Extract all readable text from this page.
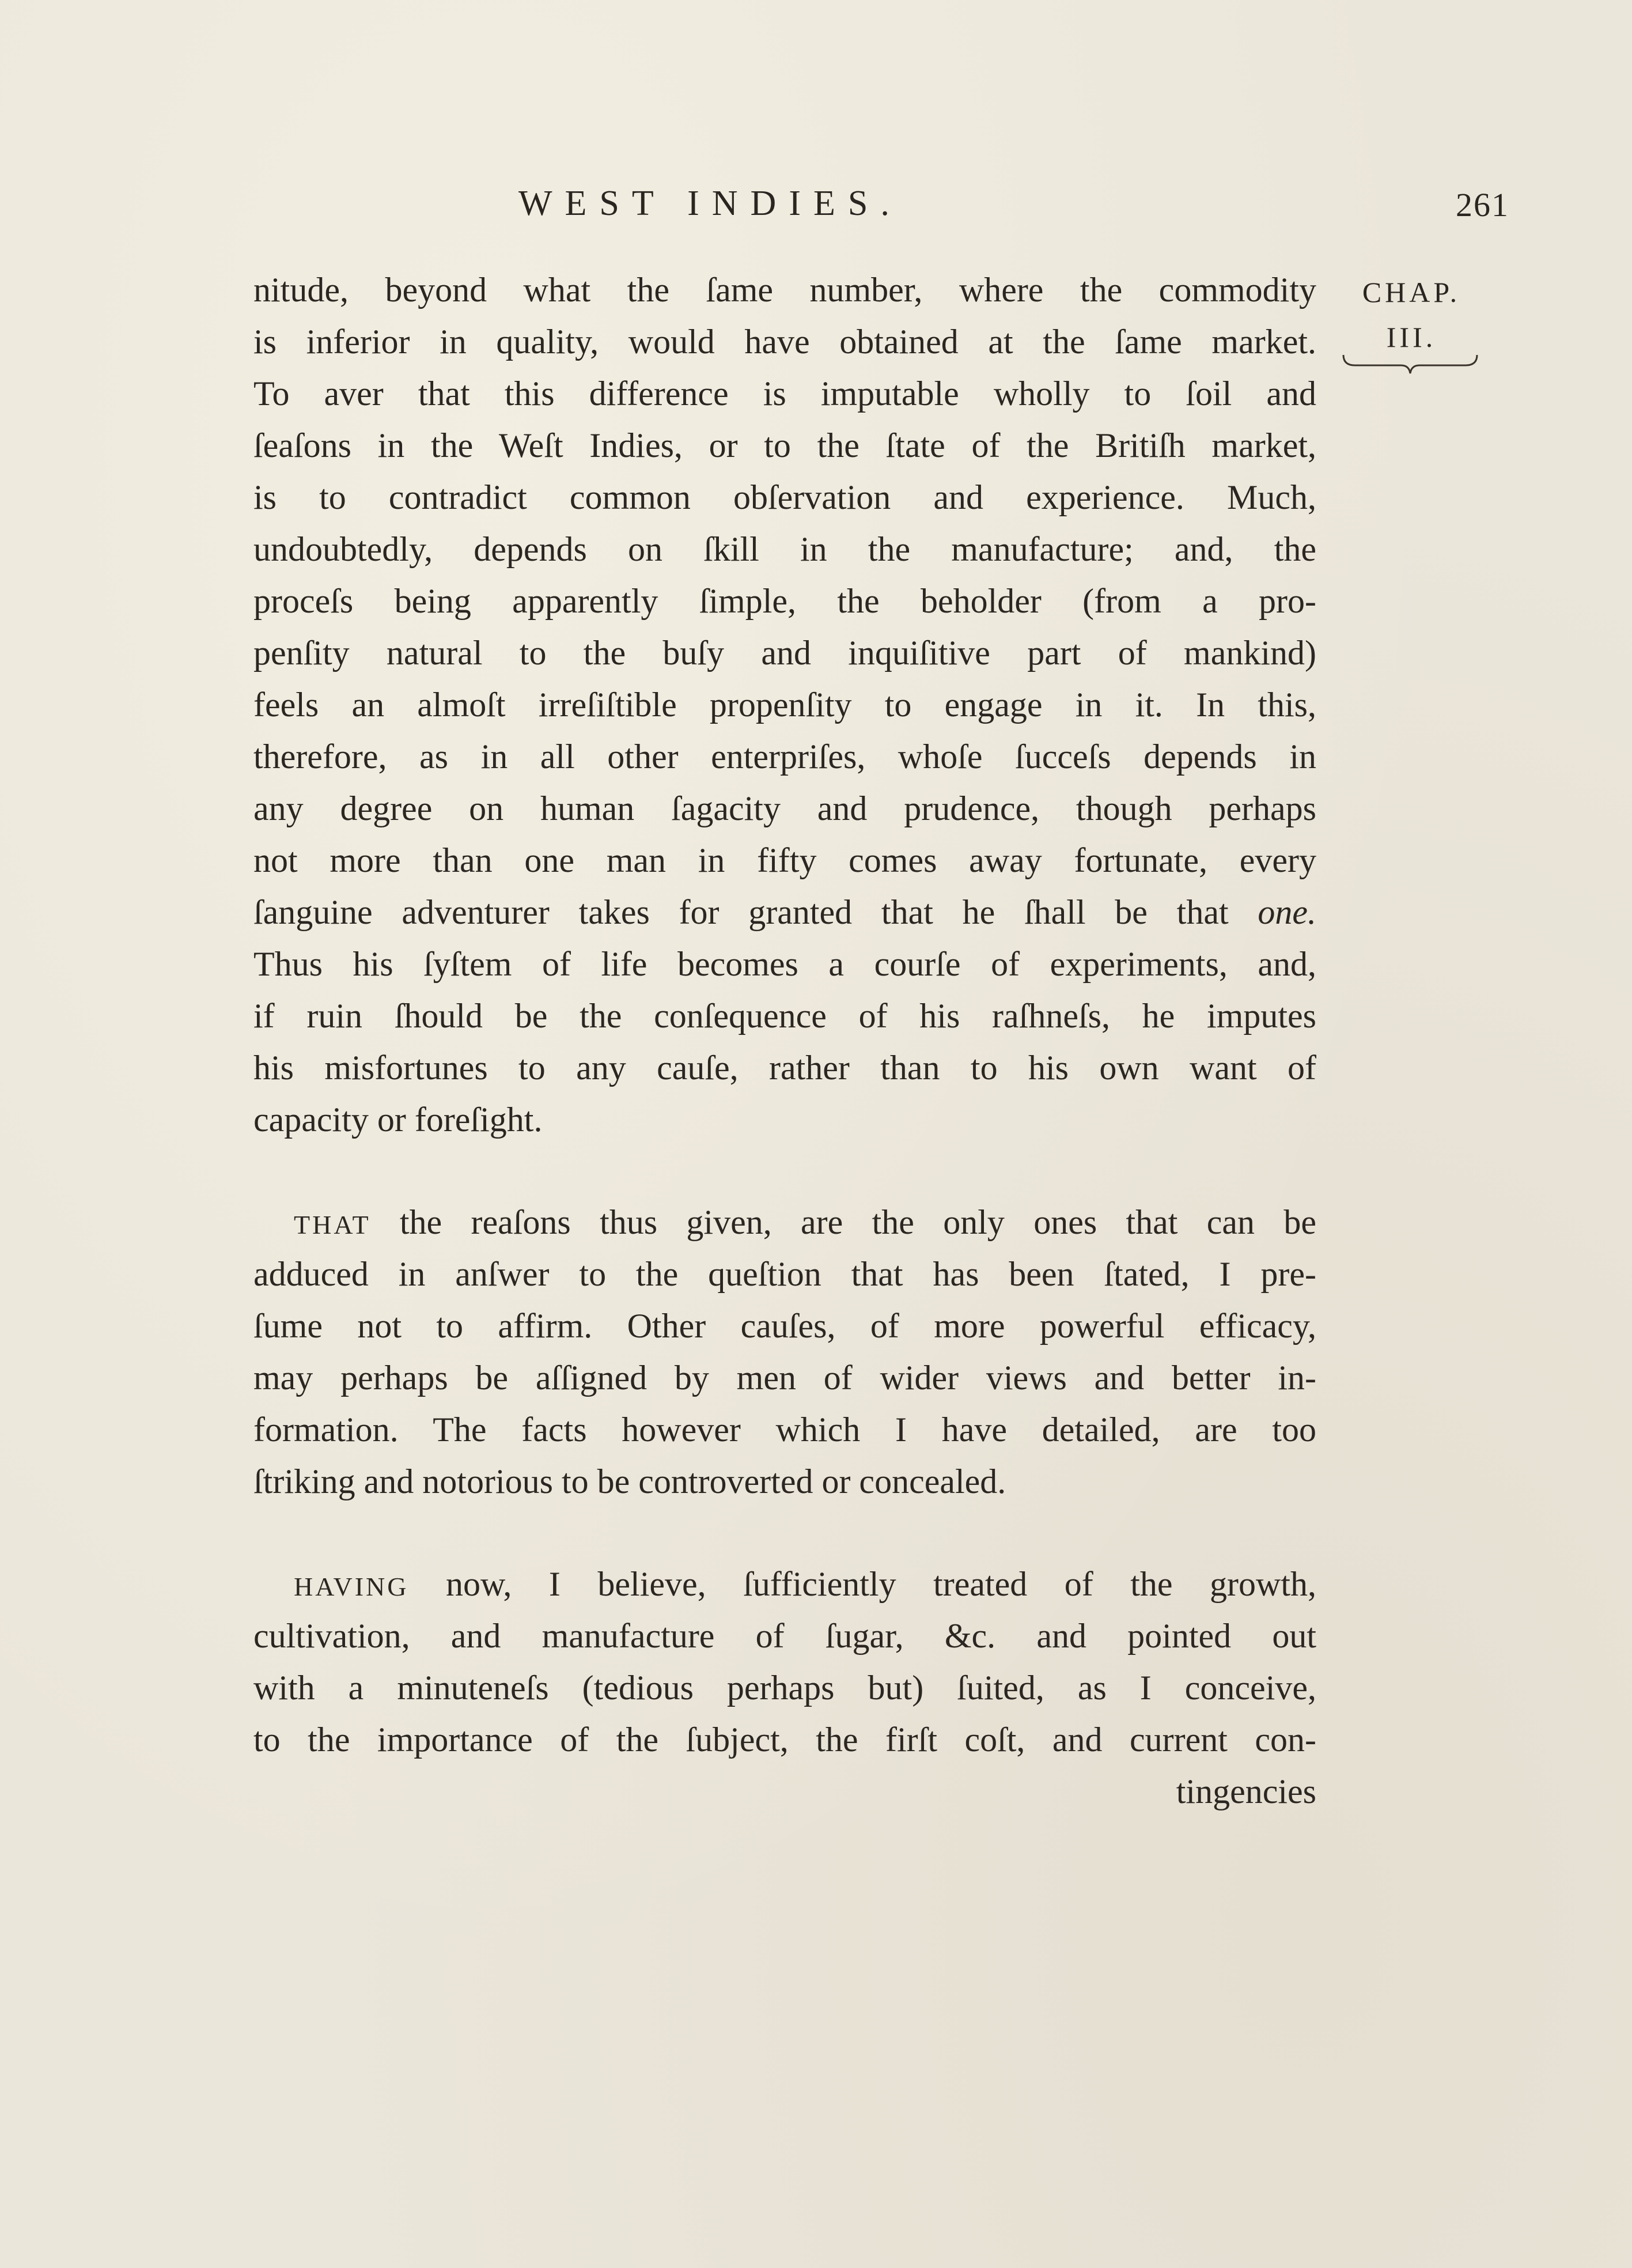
WEST INDIES.	261
CHAP.
III.
nitude, beyond what the ſame number, where the commodity
is inferior in quality, would have obtained at the ſame market.
To aver that this difference is imputable wholly to ſoil and
ſeaſons in the Weſt Indies, or to the ſtate of the Britiſh market,
is to contradict common obſervation and experience. Much,
undoubtedly, depends on ſkill in the manufacture; and, the
proceſs being apparently ſimple, the beholder (from a pro-
penſity natural to the buſy and inquiſitive part of mankind)
feels an almoſt irreſiſtible propenſity to engage in it. In this,
therefore, as in all other enterpriſes, whoſe ſucceſs depends in
any degree on human ſagacity and prudence, though perhaps
not more than one man in fifty comes away fortunate, every
ſanguine adventurer takes for granted that he ſhall be that one.
Thus his ſyſtem of life becomes a courſe of experiments, and,
if ruin ſhould be the conſequence of his raſhneſs, he imputes
his misfortunes to any cauſe, rather than to his own want of
capacity or foreſight.
THAT the reaſons thus given, are the only ones that can be
adduced in anſwer to the queſtion that has been ſtated, I pre-
ſume not to affirm. Other cauſes, of more powerful efficacy,
may perhaps be aſſigned by men of wider views and better in-
formation. The facts however which I have detailed, are too
ſtriking and notorious to be controverted or concealed.
HAVING now, I believe, ſufficiently treated of the growth,
cultivation, and manufacture of ſugar, &c. and pointed out
with a minuteneſs (tedious perhaps but) ſuited, as I conceive,
to the importance of the ſubject, the firſt coſt, and current con-
tingencies
